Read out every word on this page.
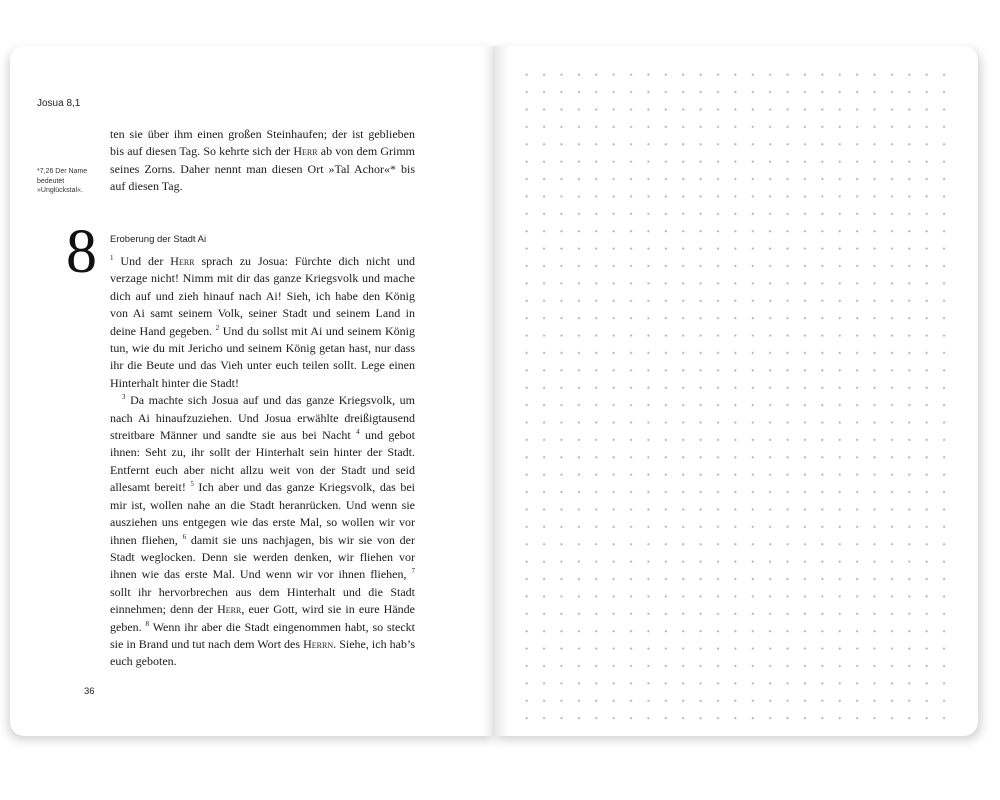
Josua 8,1
*7,26 Der Name bedeutet »Unglückstal«.
ten sie über ihm einen großen Steinhaufen; der ist geblieben bis auf diesen Tag. So kehrte sich der Herr ab von dem Grimm seines Zorns. Daher nennt man diesen Ort »Tal Achor«* bis auf diesen Tag.
8 Eroberung der Stadt Ai

$^1$ Und der Herr sprach zu Josua: Fürchte dich nicht und verzage nicht! Nimm mit dir das ganze Kriegsvolk und mache dich auf und zieh hinauf nach Ai! Sieh, ich habe den König von Ai samt seinem Volk, seiner Stadt und seinem Land in deine Hand gegeben. $^2$ Und du sollst mit Ai und seinem König tun, wie du mit Jericho und seinem König getan hast, nur dass ihr die Beute und das Vieh unter euch teilen sollt. Lege einen Hinterhalt hinter die Stadt!

$^3$ Da machte sich Josua auf und das ganze Kriegsvolk, um nach Ai hinaufzuziehen. Und Josua erwählte dreißigtausend streitbare Männer und sandte sie aus bei Nacht $^4$ und gebot ihnen: Seht zu, ihr sollt der Hinterhalt sein hinter der Stadt. Entfernt euch aber nicht allzu weit von der Stadt und seid allesamt bereit! $^5$ Ich aber und das ganze Kriegsvolk, das bei mir ist, wollen nahe an die Stadt heranrücken. Und wenn sie ausziehen uns entgegen wie das erste Mal, so wollen wir vor ihnen fliehen, $^6$ damit sie uns nachjagen, bis wir sie von der Stadt weglocken. Denn sie werden denken, wir fliehen vor ihnen wie das erste Mal. Und wenn wir vor ihnen fliehen, $^7$ sollt ihr hervorbrechen aus dem Hinterhalt und die Stadt einnehmen; denn der Herr, euer Gott, wird sie in eure Hände geben. $^8$ Wenn ihr aber die Stadt eingenommen habt, so steckt sie in Brand und tut nach dem Wort des Herrn. Siehe, ich hab’s euch geboten.

36
